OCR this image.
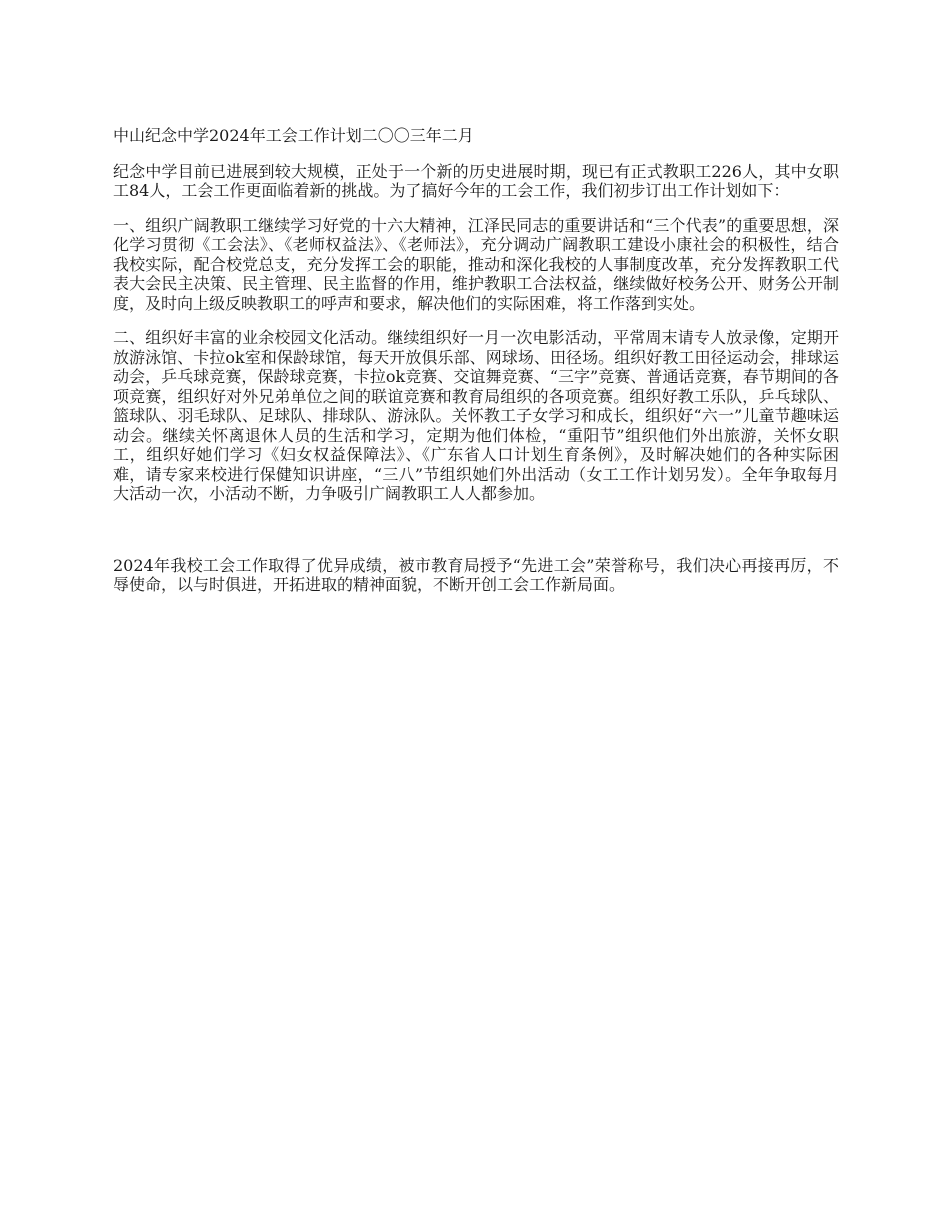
中山纪念中学2024年工会工作计划二〇〇三年二月

纪念中学目前已进展到较大规模，正处于一个新的历史进展时期，现已有正式教职工226人，其中女职工84人，工会工作更面临着新的挑战。为了搞好今年的工会工作，我们初步订出工作计划如下：

一、组织广阔教职工继续学习好党的十六大精神，江泽民同志的重要讲话和“三个代表”的重要思想，深化学习贯彻《工会法》、《老师权益法》、《老师法》，充分调动广阔教职工建设小康社会的积极性，结合我校实际，配合校党总支，充分发挥工会的职能，推动和深化我校的人事制度改革，充分发挥教职工代表大会民主决策、民主管理、民主监督的作用，维护教职工合法权益，继续做好校务公开、财务公开制度，及时向上级反映教职工的呼声和要求，解决他们的实际困难，将工作落到实处。

二、组织好丰富的业余校园文化活动。继续组织好一月一次电影活动，平常周末请专人放录像，定期开放游泳馆、卡拉ok室和保龄球馆，每天开放俱乐部、网球场、田径场。组织好教工田径运动会，排球运动会，乒乓球竞赛，保龄球竞赛，卡拉ok竞赛、交谊舞竞赛、“三字”竞赛、普通话竞赛，春节期间的各项竞赛，组织好对外兄弟单位之间的联谊竞赛和教育局组织的各项竞赛。组织好教工乐队，乒乓球队、篮球队、羽毛球队、足球队、排球队、游泳队。关怀教工子女学习和成长，组织好“六一”儿童节趣味运动会。继续关怀离退休人员的生活和学习，定期为他们体检，“重阳节”组织他们外出旅游，关怀女职工，组织好她们学习《妇女权益保障法》、《广东省人口计划生育条例》，及时解决她们的各种实际困难，请专家来校进行保健知识讲座，“三八”节组织她们外出活动（女工工作计划另发）。全年争取每月大活动一次，小活动不断，力争吸引广阔教职工人人都参加。

2024年我校工会工作取得了优异成绩，被市教育局授予“先进工会”荣誉称号，我们决心再接再厉，不辱使命，以与时俱进，开拓进取的精神面貌，不断开创工会工作新局面。
